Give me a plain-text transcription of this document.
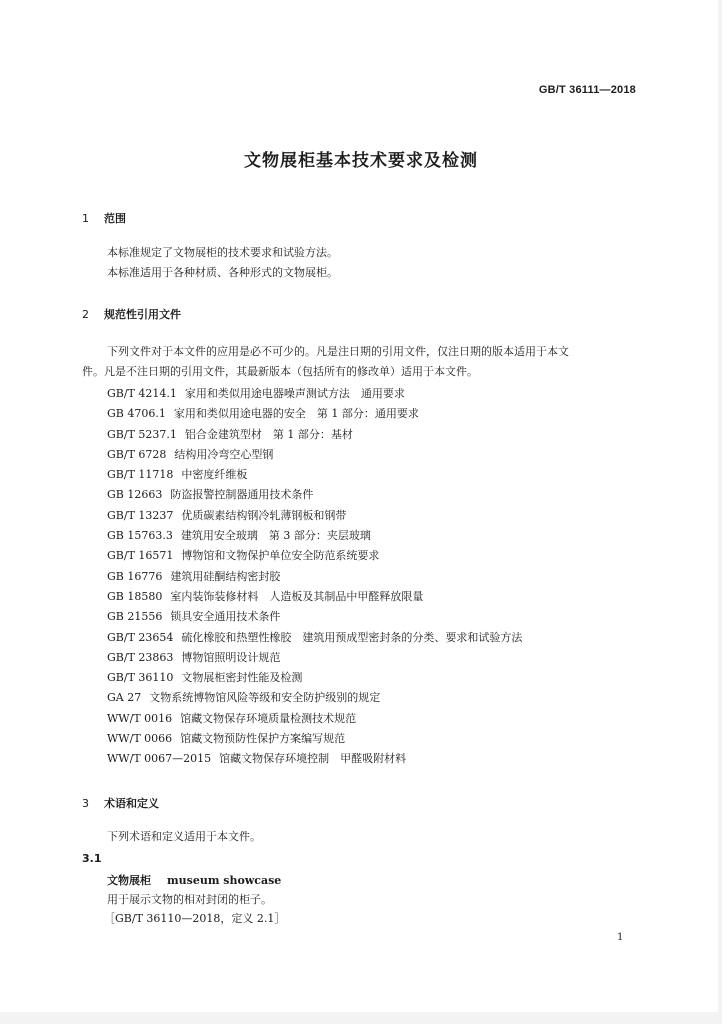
GB/T 36111—2018
文物展柜基本技术要求及检测
1 范围
本标准规定了文物展柜的技术要求和试验方法。
本标准适用于各种材质、各种形式的文物展柜。
2 规范性引用文件
下列文件对于本文件的应用是必不可少的。凡是注日期的引用文件，仅注日期的版本适用于本文
件。凡是不注日期的引用文件，其最新版本（包括所有的修改单）适用于本文件。
GB/T 4214.1 家用和类似用途电器噪声测试方法　通用要求
GB 4706.1 家用和类似用途电器的安全　第 1 部分：通用要求
GB/T 5237.1 铝合金建筑型材　第 1 部分：基材
GB/T 6728 结构用冷弯空心型钢
GB/T 11718 中密度纤维板
GB 12663 防盗报警控制器通用技术条件
GB/T 13237 优质碳素结构钢冷轧薄钢板和钢带
GB 15763.3 建筑用安全玻璃　第 3 部分：夹层玻璃
GB/T 16571 博物馆和文物保护单位安全防范系统要求
GB 16776 建筑用硅酮结构密封胶
GB 18580 室内装饰装修材料　人造板及其制品中甲醛释放限量
GB 21556 锁具安全通用技术条件
GB/T 23654 硫化橡胶和热塑性橡胶　建筑用预成型密封条的分类、要求和试验方法
GB/T 23863 博物馆照明设计规范
GB/T 36110 文物展柜密封性能及检测
GA 27 文物系统博物馆风险等级和安全防护级别的规定
WW/T 0016 馆藏文物保存环境质量检测技术规范
WW/T 0066 馆藏文物预防性保护方案编写规范
WW/T 0067—2015 馆藏文物保存环境控制　甲醛吸附材料
3 术语和定义
下列术语和定义适用于本文件。
3.1
文物展柜 museum showcase
用于展示文物的相对封闭的柜子。
［GB/T 36110—2018，定义 2.1］
1
